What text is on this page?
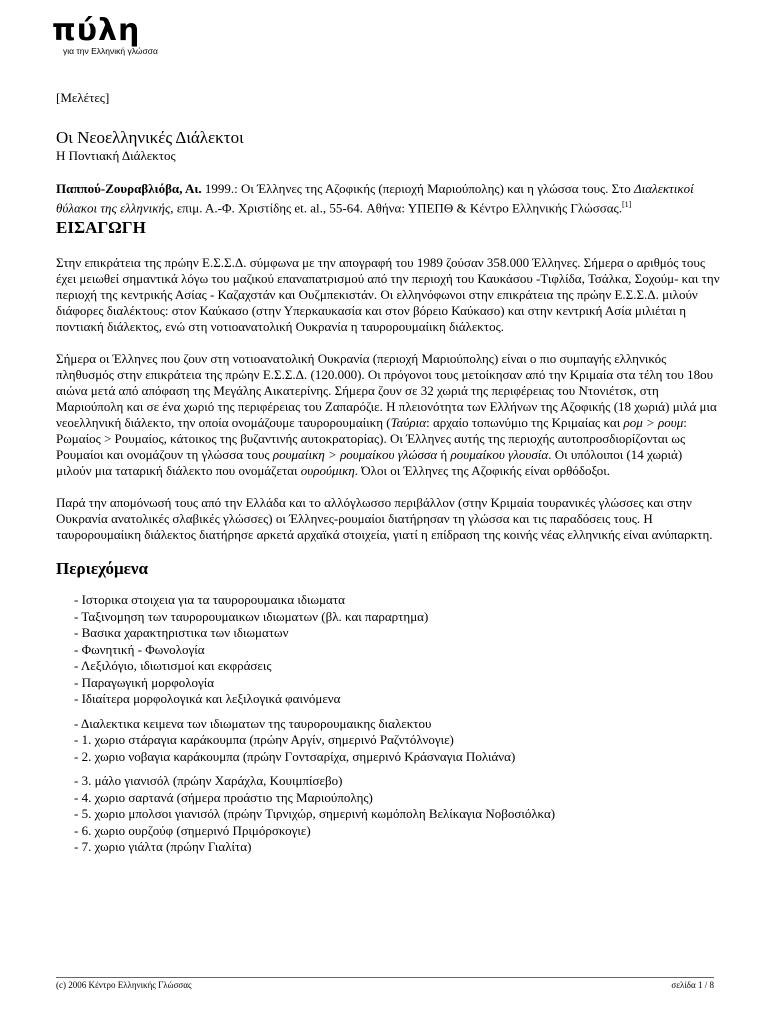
πύλη
για την Ελληνική γλώσσα
[Μελέτες]
Οι Νεοελληνικές Διάλεκτοι
Η Ποντιακή Διάλεκτος
Παππού-Ζουραβλιόβα, Αι. 1999.: Οι Έλληνες της Αζοφικής (περιοχή Μαριούπολης) και η γλώσσα τους. Στο Διαλεκτικοί θύλακοι της ελληνικής, επιμ. Α.-Φ. Χριστίδης et. al., 55-64. Αθήνα: ΥΠΕΠΘ & Κέντρο Ελληνικής Γλώσσας.[1]
ΕΙΣΑΓΩΓΗ

Στην επικράτεια της πρώην Ε.Σ.Σ.Δ. σύμφωνα με την απογραφή του 1989 ζούσαν 358.000 Έλληνες. Σήμερα ο αριθμός τους έχει μειωθεί σημαντικά λόγω του μαζικού επαναπατρισμού από την περιοχή του Καυκάσου -Τιφλίδα, Τσάλκα, Σοχούμ- και την περιοχή της κεντρικής Ασίας - Καζαχστάν και Ουζμπεκιστάν. Οι ελληνόφωνοι στην επικράτεια της πρώην Ε.Σ.Σ.Δ. μιλούν διάφορες διαλέκτους: στον Καύκασο (στην Υπερκαυκασία και στον βόρειο Καύκασο) και στην κεντρική Ασία μιλιέται η ποντιακή διάλεκτος, ενώ στη νοτιοανατολική Ουκρανία η ταυρορουμαίικη διάλεκτος.

Σήμερα οι Έλληνες που ζουν στη νοτιοανατολική Ουκρανία (περιοχή Μαριούπολης) είναι ο πιο συμπαγής ελληνικός πληθυσμός στην επικράτεια της πρώην Ε.Σ.Σ.Δ. (120.000). Οι πρόγονοι τους μετοίκησαν από την Κριμαία στα τέλη του 18ου αιώνα μετά από απόφαση της Μεγάλης Αικατερίνης. Σήμερα ζουν σε 32 χωριά της περιφέρειας του Ντονιέτσκ, στη Μαριούπολη και σε ένα χωριό της περιφέρειας του Ζαπαρόζιε. Η πλειονότητα των Ελλήνων της Αζοφικής (18 χωριά) μιλά μια νεοελληνική διάλεκτο, την οποία ονομάζουμε ταυρορουμαίικη (Ταύρια: αρχαίο τοπωνύμιο της Κριμαίας και ρομ > ρουμ: Ρωμαίος > Ρουμαίος, κάτοικος της βυζαντινής αυτοκρατορίας). Οι Έλληνες αυτής της περιοχής αυτοπροσδιορίζονται ως Ρουμαίοι και ονομάζουν τη γλώσσα τους ρουμαίικη > ρουμαίκου γλώσσα ή ρουμαίκου γλουσία. Οι υπόλοιποι (14 χωριά) μιλούν μια ταταρική διάλεκτο που ονομάζεται ουρούμικη. Όλοι οι Έλληνες της Αζοφικής είναι ορθόδοξοι.

Παρά την απομόνωσή τους από την Ελλάδα και το αλλόγλωσσο περιβάλλον (στην Κριμαία τουρανικές γλώσσες και στην Ουκρανία ανατολικές σλαβικές γλώσσες) οι Έλληνες-ρουμαίοι διατήρησαν τη γλώσσα και τις παραδόσεις τους. Η ταυρορουμαίικη διάλεκτος διατήρησε αρκετά αρχαϊκά στοιχεία, γιατί η επίδραση της κοινής νέας ελληνικής είναι ανύπαρκτη.

Περιεχόμενα
- Ιστορικα στοιχεια για τα ταυρορουμαικα ιδιωματα
- Ταξινομηση των ταυρορουμαικων ιδιωματων (βλ. και παραρτημα)
- Βασικα χαρακτηριστικα των ιδιωματων
- Φωνητική - Φωνολογία
- Λεξιλόγιο, ιδιωτισμοί και εκφράσεις
- Παραγωγική μορφολογία
- Ιδιαίτερα μορφολογικά και λεξιλογικά φαινόμενα
- Διαλεκτικα κειμενα των ιδιωματων της ταυρορουμαικης διαλεκτου
- 1. χωριο στάραγια καράκουμπα (πρώην Αργίν, σημερινό Ραζντόλνογιε)
- 2. χωριο νοβαγια καράκουμπα (πρώην Γοντσαρίχα, σημερινό Κράσναγια Πολιάνα)
- 3. μάλο γιανισόλ (πρώην Χαράχλα, Κουιμπίσεβο)
- 4. χωριο σαρτανά (σήμερα προάστιο της Μαριούπολης)
- 5. χωριο μπολσοι γιανισόλ (πρώην Τιρνιχώρ, σημερινή κωμόπολη Βελίκαγια Νοβοσιόλκα)
- 6. χωριο ουρζούφ (σημερινό Πριμόρσκογιε)
- 7. χωριο γιάλτα (πρώην Γιαλίτα)
(c) 2006 Κέντρο Ελληνικής Γλώσσας	σελίδα 1 / 8
